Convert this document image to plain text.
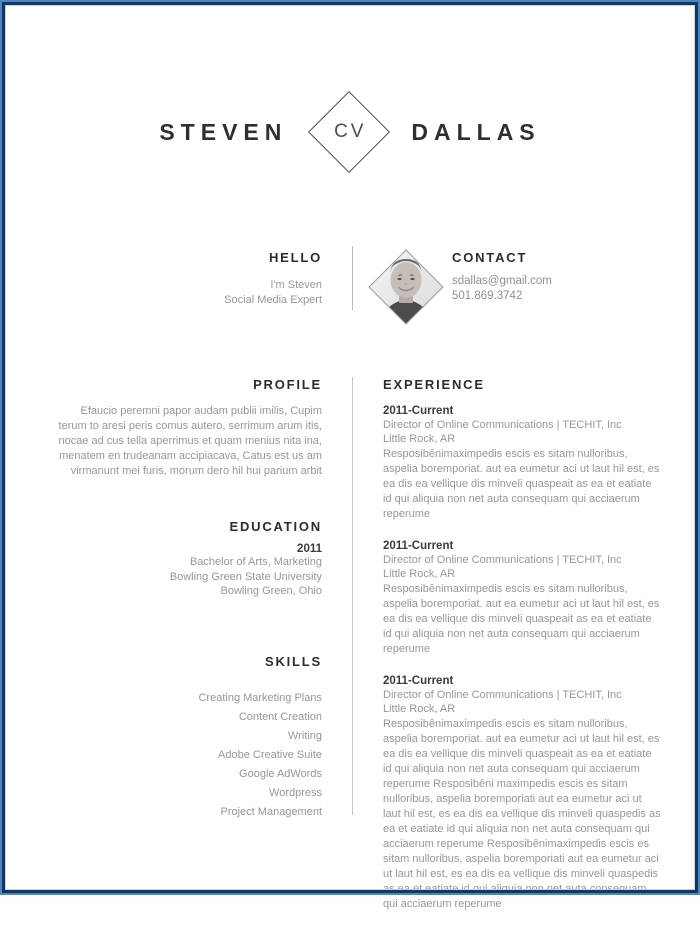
STEVEN CV DALLAS
HELLO
I'm Steven
Social Media Expert
CONTACT
sdallas@gmail.com
501.869.3742
PROFILE
Efaucio peremni papor audam publii imilis, Cupim terum to aresi peris comus autero, serrimum arum itis, nocae ad cus tella aperrimus et quam menius nita ina, menatem en trudeanam accipiacava, Catus est us am virmanunt mei furis, morum dero hil hui parium arbit
EXPERIENCE
2011-Current
Director of Online Communications | TECHIT, Inc
Little Rock, AR
Resposibênimaximpedis escis es sitam nulloribus, aspelia boremporiat. aut ea eumetur aci ut laut hil est, es ea dis ea vellique dis minveli quaspeait as ea et eatiate id qui aliquia non net auta consequam qui acciaerum reperume
2011-Current
Director of Online Communications | TECHIT, Inc
Little Rock, AR
Resposibênimaximpedis escis es sitam nulloribus, aspelia boremporiat. aut ea eumetur aci ut laut hil est, es ea dis ea vellique dis minveli quaspeait as ea et eatiate id qui aliquia non net auta consequam qui acciaerum reperume
2011-Current
Director of Online Communications | TECHIT, Inc
Little Rock, AR
Resposibênimaximpedis escis es sitam nulloribus, aspelia boremporiat. aut ea eumetur aci ut laut hil est, es ea dis ea vellique dis minveli quaspeait as ea et eatiate id qui aliquia non net auta consequam qui acciaerum reperume Resposibêni maximpedis escis es sitam nulloribus, aspelia boremporiati aut ea eumetur aci ut laut hil est, es ea dis ea vellique dis minveli quaspedis as ea et eatiate id qui aliquia non net auta consequam qui acciaerum reperume Resposibênimaximpedis escis es sitam nulloribus, aspelia boremporiati aut ea eumetur aci ut laut hil est, es ea dis ea vellique dis minveli quaspedis as ea et eatiate id qui aliquia non net auta consequam qui acciaerum reperume
EDUCATION
2011
Bachelor of Arts, Marketing
Bowling Green State University
Bowling Green, Ohio
SKILLS
Creating Marketing Plans
Content Creation
Writing
Adobe Creative Suite
Google AdWords
Wordpress
Project Management
